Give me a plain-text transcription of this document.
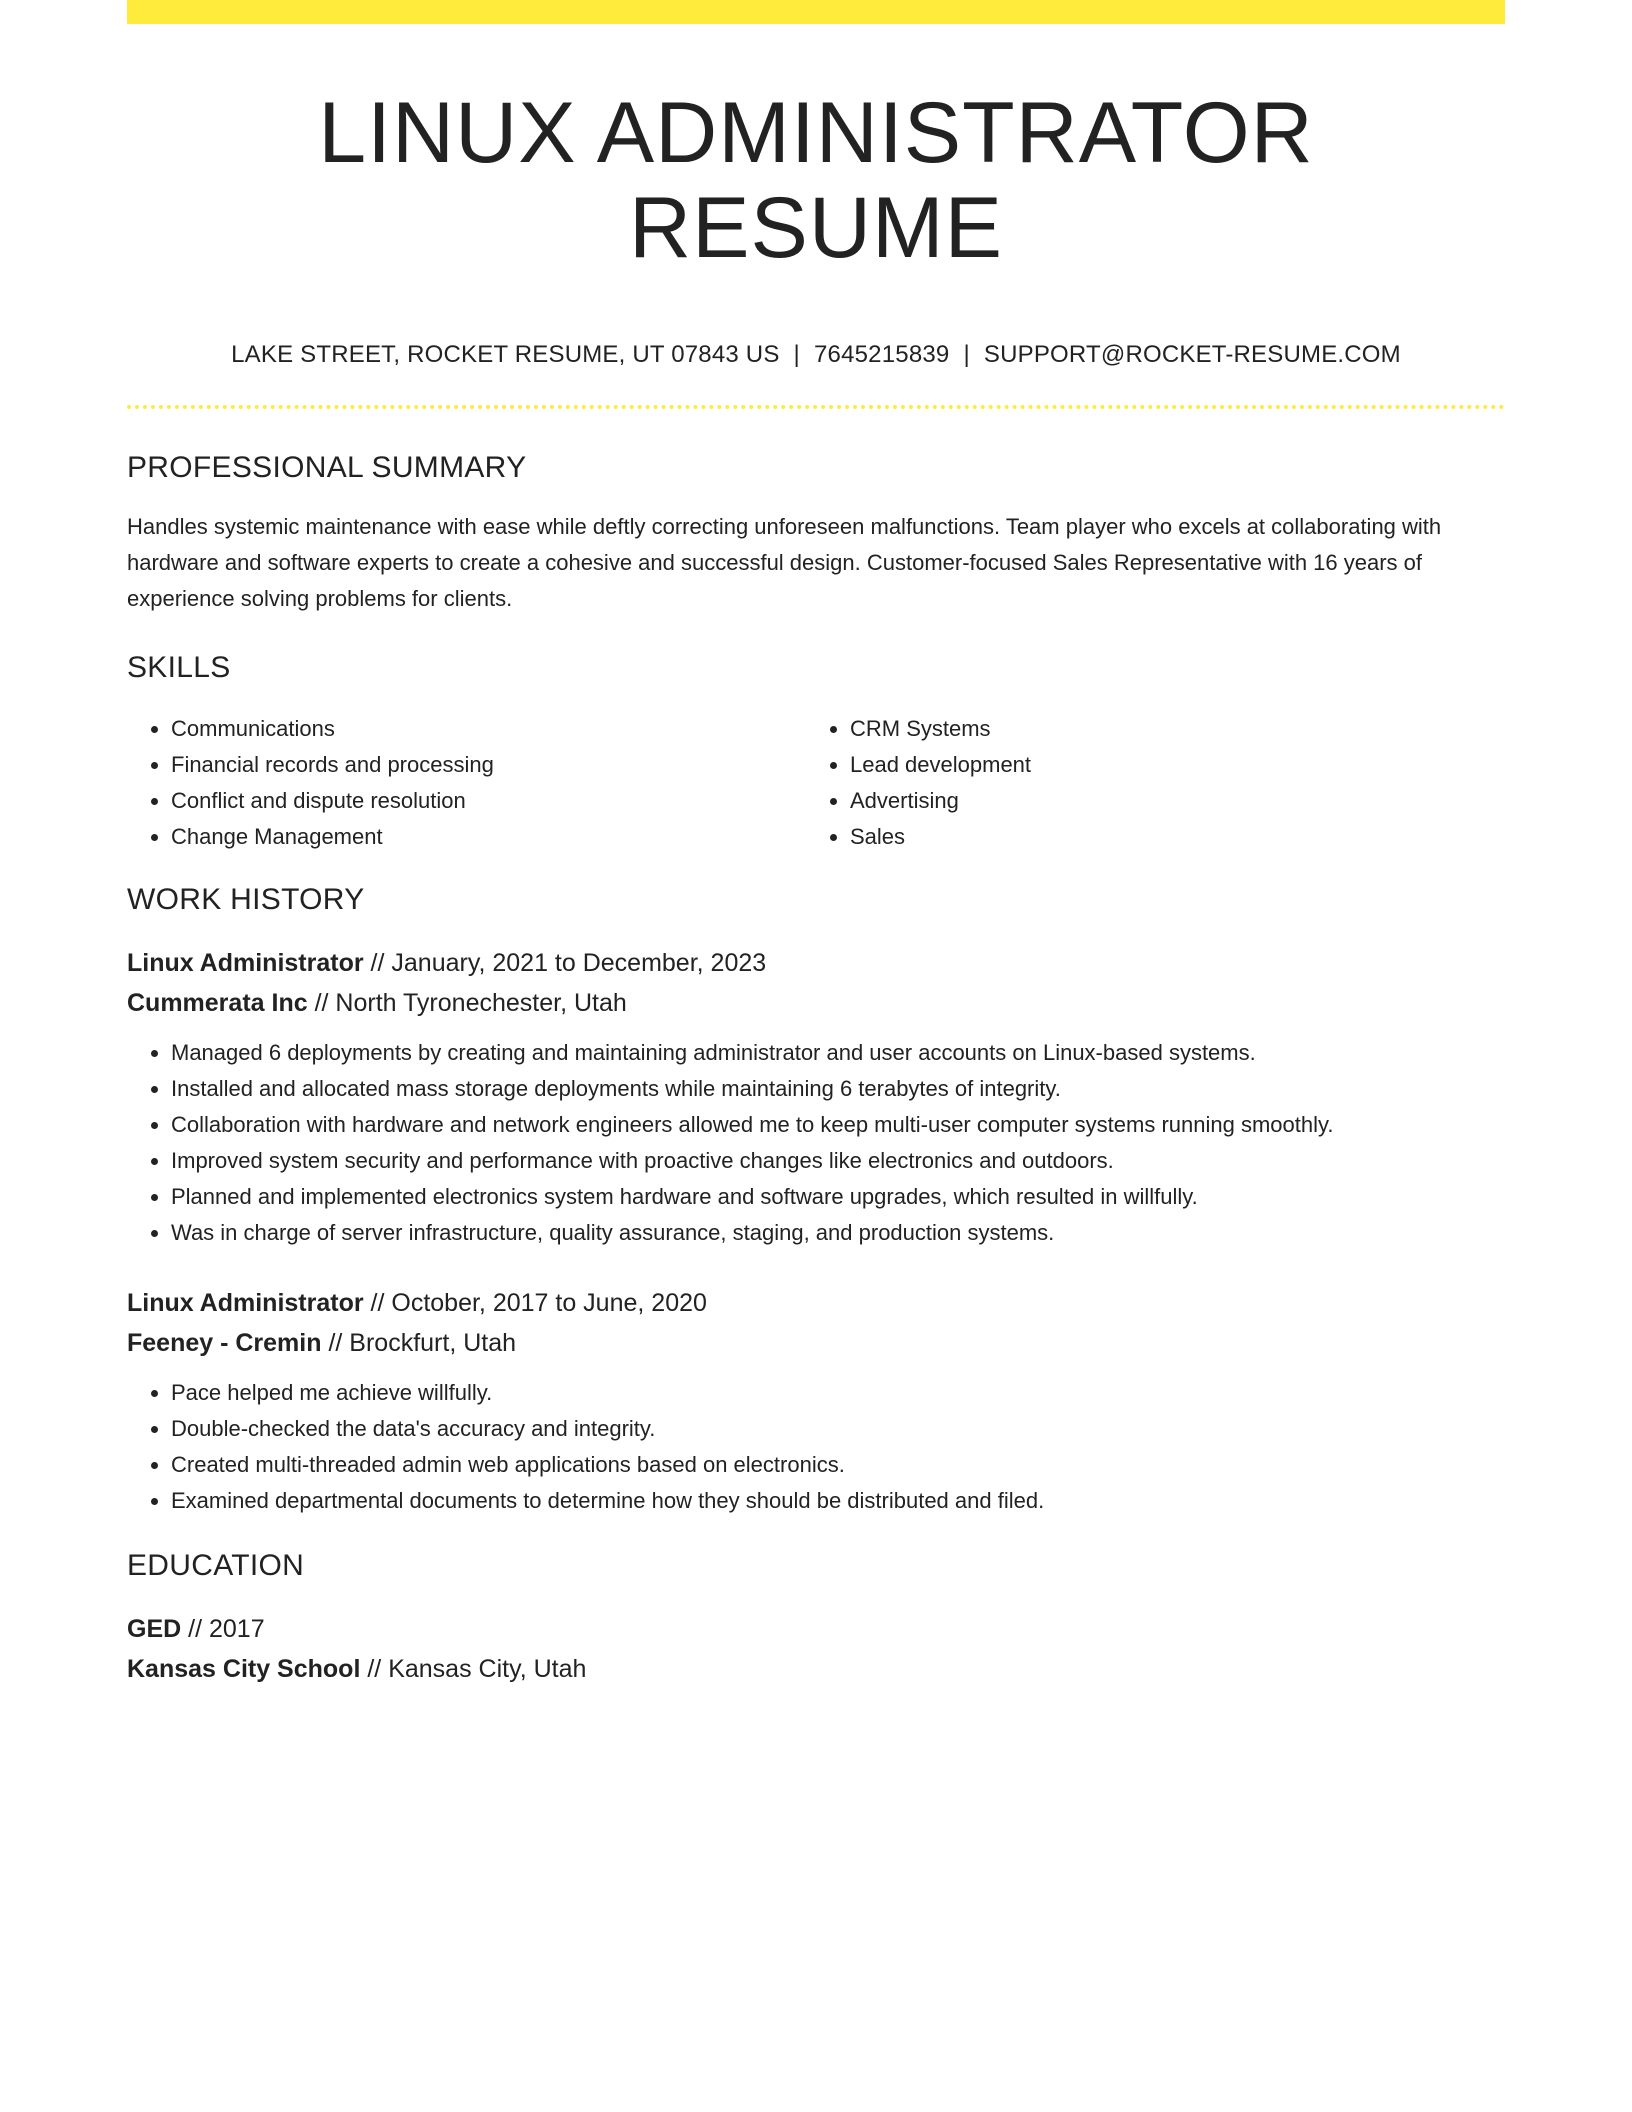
LINUX ADMINISTRATOR RESUME
LAKE STREET, ROCKET RESUME, UT 07843 US | 7645215839 | SUPPORT@ROCKET-RESUME.COM
PROFESSIONAL SUMMARY
Handles systemic maintenance with ease while deftly correcting unforeseen malfunctions. Team player who excels at collaborating with hardware and software experts to create a cohesive and successful design. Customer-focused Sales Representative with 16 years of experience solving problems for clients.
SKILLS
• Communications
• Financial records and processing
• Conflict and dispute resolution
• Change Management
• CRM Systems
• Lead development
• Advertising
• Sales
WORK HISTORY
Linux Administrator // January, 2021 to December, 2023
Cummerata Inc // North Tyronechester, Utah
• Managed 6 deployments by creating and maintaining administrator and user accounts on Linux-based systems.
• Installed and allocated mass storage deployments while maintaining 6 terabytes of integrity.
• Collaboration with hardware and network engineers allowed me to keep multi-user computer systems running smoothly.
• Improved system security and performance with proactive changes like electronics and outdoors.
• Planned and implemented electronics system hardware and software upgrades, which resulted in willfully.
• Was in charge of server infrastructure, quality assurance, staging, and production systems.
Linux Administrator // October, 2017 to June, 2020
Feeney - Cremin // Brockfurt, Utah
• Pace helped me achieve willfully.
• Double-checked the data's accuracy and integrity.
• Created multi-threaded admin web applications based on electronics.
• Examined departmental documents to determine how they should be distributed and filed.
EDUCATION
GED // 2017
Kansas City School // Kansas City, Utah
